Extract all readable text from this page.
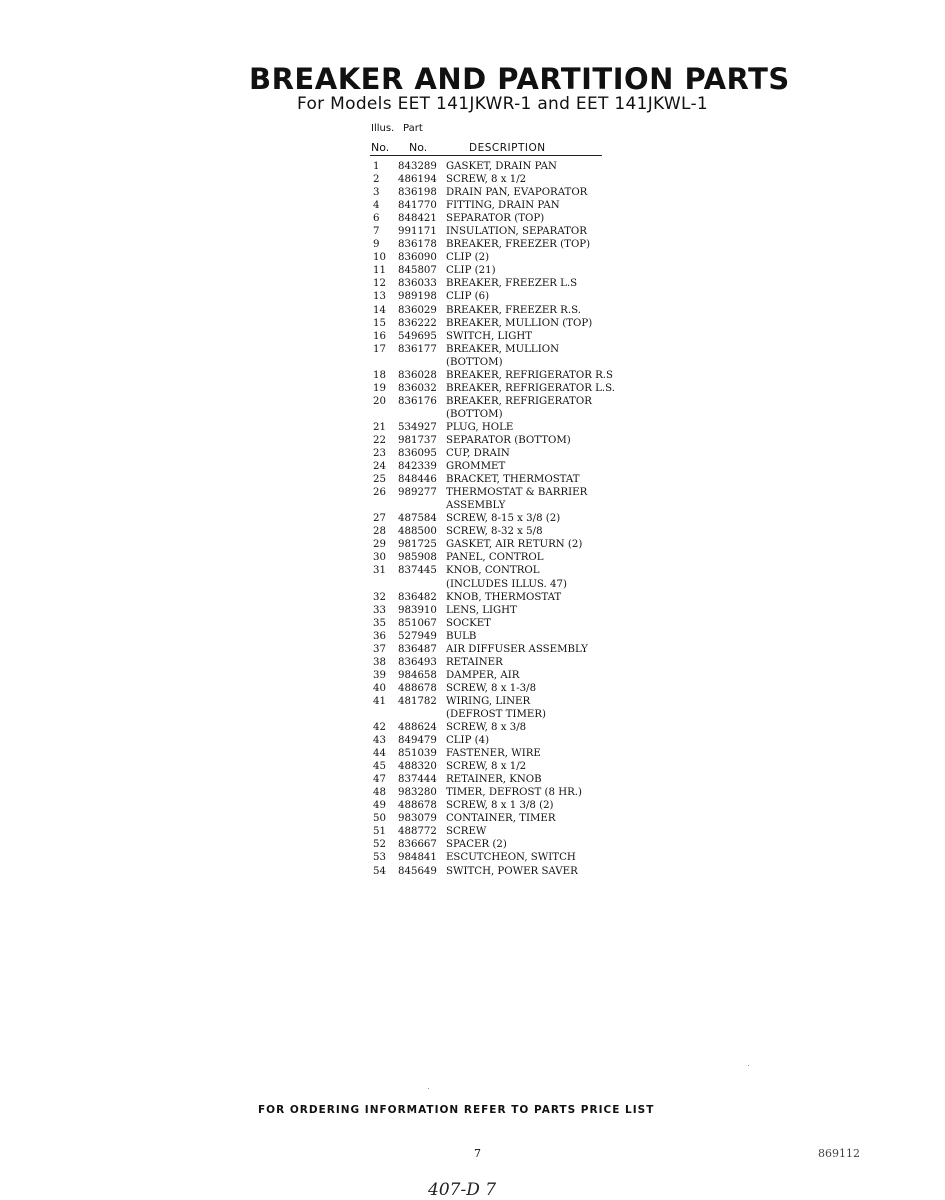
BREAKER AND PARTITION PARTS
For Models EET 141JKWR-1 and EET 141JKWL-1
Illus. Part
No. No.	DESCRIPTION
1 843289 GASKET, DRAIN PAN
2 486194 SCREW, 8 x 1/2
3 836198 DRAIN PAN, EVAPORATOR
4 841770 FITTING, DRAIN PAN
6 848421 SEPARATOR (TOP)
7 991171 INSULATION, SEPARATOR
9 836178 BREAKER, FREEZER (TOP)
10 836090 CLIP (2)
11 845807 CLIP (21)
12 836033 BREAKER, FREEZER L.S
13 989198 CLIP (6)
14 836029 BREAKER, FREEZER R.S.
15 836222 BREAKER, MULLION (TOP)
16 549695 SWITCH, LIGHT
17 836177 BREAKER, MULLION
(BOTTOM)
18 836028 BREAKER, REFRIGERATOR R.S
19 836032 BREAKER, REFRIGERATOR L.S.
20 836176 BREAKER, REFRIGERATOR
(BOTTOM)
21 534927 PLUG, HOLE
22 981737 SEPARATOR (BOTTOM)
23 836095 CUP, DRAIN
24 842339 GROMMET
25 848446 BRACKET, THERMOSTAT
26 989277 THERMOSTAT & BARRIER
ASSEMBLY
27 487584 SCREW, 8-15 x 3/8 (2)
28 488500 SCREW, 8-32 x 5/8
29 981725 GASKET, AIR RETURN (2)
30 985908 PANEL, CONTROL
31 837445 KNOB, CONTROL
(INCLUDES ILLUS. 47)
32 836482 KNOB, THERMOSTAT
33 983910 LENS, LIGHT
35 851067 SOCKET
36 527949 BULB
37 836487 AIR DIFFUSER ASSEMBLY
38 836493 RETAINER
39 984658 DAMPER, AIR
40 488678 SCREW, 8 x 1-3/8
41 481782 WIRING, LINER
(DEFROST TIMER)
42 488624 SCREW, 8 x 3/8
43 849479 CLIP (4)
44 851039 FASTENER, WIRE
45 488320 SCREW, 8 x 1/2
47 837444 RETAINER, KNOB
48 983280 TIMER, DEFROST (8 HR.)
49 488678 SCREW, 8 x 1 3/8 (2)
50 983079 CONTAINER, TIMER
51 488772 SCREW
52 836667 SPACER (2)
53 984841 ESCUTCHEON, SWITCH
54 845649 SWITCH, POWER SAVER
FOR ORDERING INFORMATION REFER TO PARTS PRICE LIST
7	869112
407-D 7
